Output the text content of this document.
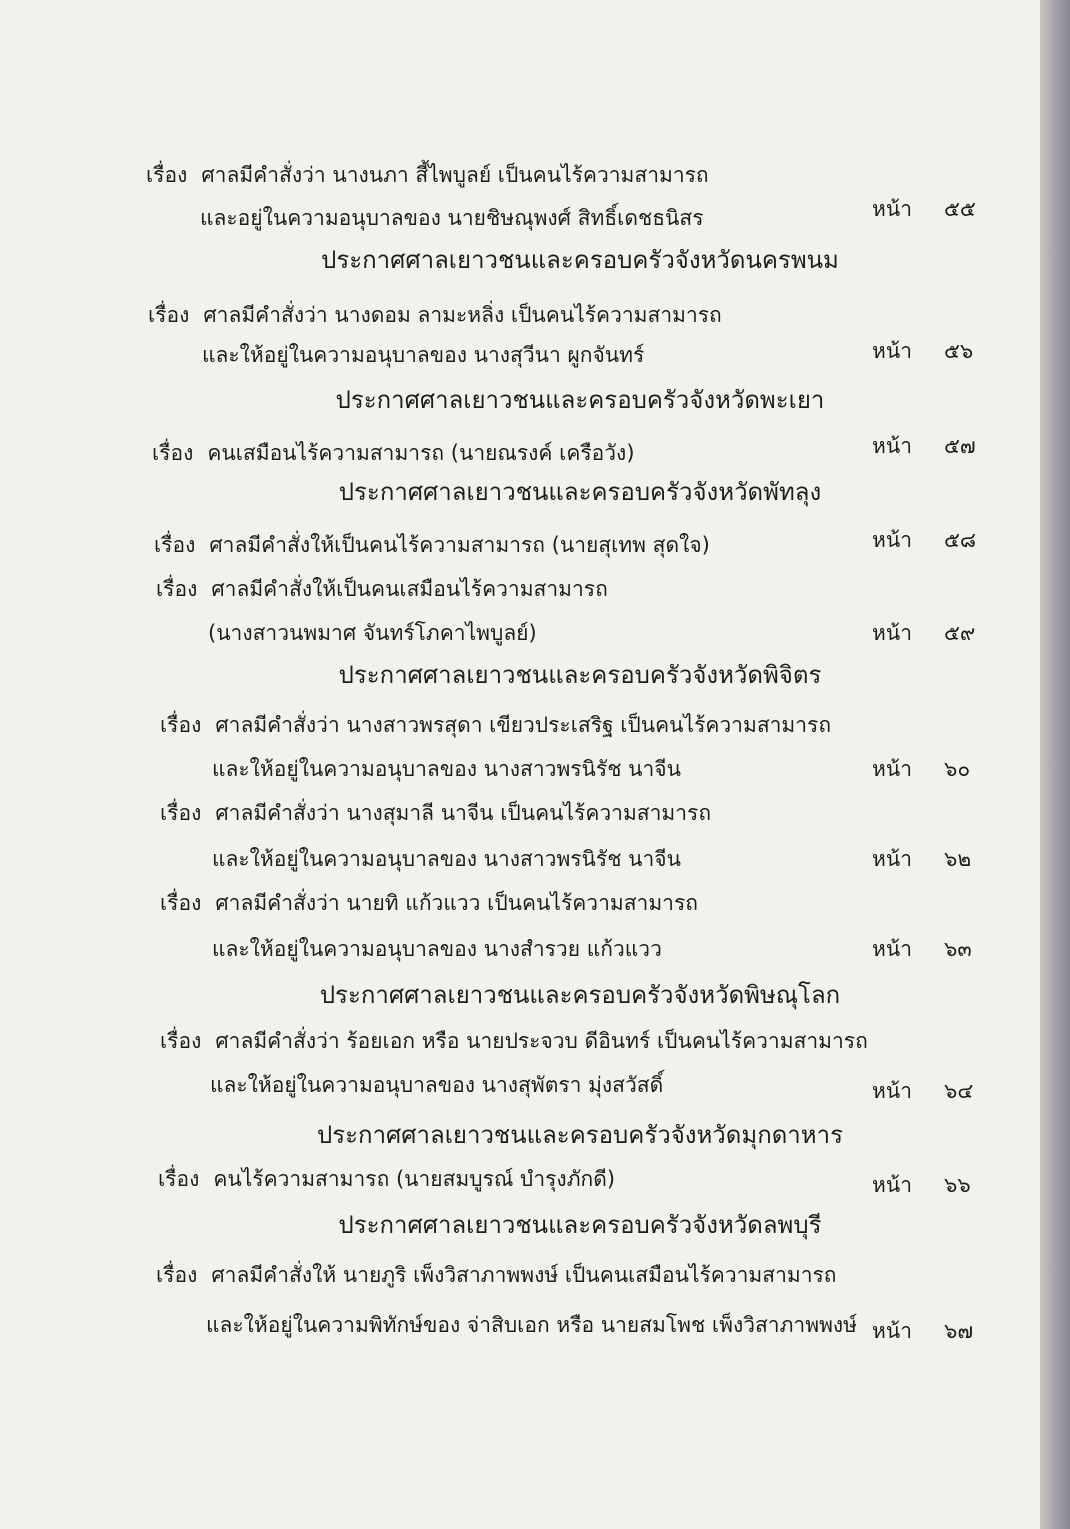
เรื่อง ศาลมีคำสั่งว่า นางนภา สี้ไพบูลย์ เป็นคนไร้ความสามารถ
และอยู่ในความอนุบาลของ นายชิษณุพงศ์ สิทธิ์เดชธนิสร	หน้า ๕๕
ประกาศศาลเยาวชนและครอบครัวจังหวัดนครพนม
เรื่อง ศาลมีคำสั่งว่า นางดอม ลามะหลิ่ง เป็นคนไร้ความสามารถ
และให้อยู่ในความอนุบาลของ นางสุวีนา ผูกจันทร์	หน้า ๕๖
ประกาศศาลเยาวชนและครอบครัวจังหวัดพะเยา
เรื่อง คนเสมือนไร้ความสามารถ (นายณรงค์ เครือวัง)	หน้า ๕๗
ประกาศศาลเยาวชนและครอบครัวจังหวัดพัทลุง
เรื่อง ศาลมีคำสั่งให้เป็นคนไร้ความสามารถ (นายสุเทพ สุดใจ)	หน้า ๕๘
เรื่อง ศาลมีคำสั่งให้เป็นคนเสมือนไร้ความสามารถ
(นางสาวนพมาศ จันทร์โภคาไพบูลย์)	หน้า ๕๙
ประกาศศาลเยาวชนและครอบครัวจังหวัดพิจิตร
เรื่อง ศาลมีคำสั่งว่า นางสาวพรสุดา เขียวประเสริฐ เป็นคนไร้ความสามารถ
และให้อยู่ในความอนุบาลของ นางสาวพรนิรัช นาจีน	หน้า ๖๐
เรื่อง ศาลมีคำสั่งว่า นางสุมาลี นาจีน เป็นคนไร้ความสามารถ
และให้อยู่ในความอนุบาลของ นางสาวพรนิรัช นาจีน	หน้า ๖๒
เรื่อง ศาลมีคำสั่งว่า นายทิ แก้วแวว เป็นคนไร้ความสามารถ
และให้อยู่ในความอนุบาลของ นางสำรวย แก้วแวว	หน้า ๖๓
ประกาศศาลเยาวชนและครอบครัวจังหวัดพิษณุโลก
เรื่อง ศาลมีคำสั่งว่า ร้อยเอก หรือ นายประจวบ ดีอินทร์ เป็นคนไร้ความสามารถ
และให้อยู่ในความอนุบาลของ นางสุพัตรา มุ่งสวัสดิ์	หน้า ๖๔
ประกาศศาลเยาวชนและครอบครัวจังหวัดมุกดาหาร
เรื่อง คนไร้ความสามารถ (นายสมบูรณ์ บำรุงภักดี)	หน้า ๖๖
ประกาศศาลเยาวชนและครอบครัวจังหวัดลพบุรี
เรื่อง ศาลมีคำสั่งให้ นายภูริ เพ็งวิสาภาพพงษ์ เป็นคนเสมือนไร้ความสามารถ
และให้อยู่ในความพิทักษ์ของ จ่าสิบเอก หรือ นายสมโพช เพ็งวิสาภาพพงษ์ หน้า ๖๗
